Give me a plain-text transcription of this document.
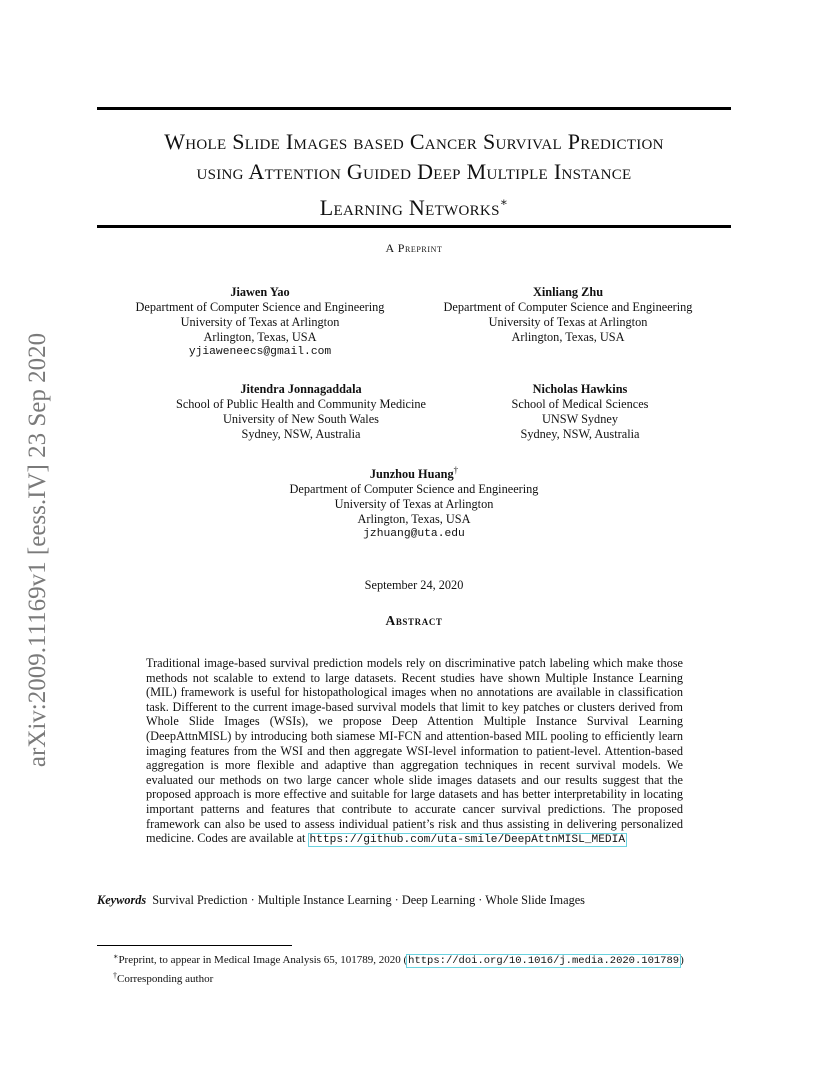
arXiv:2009.11169v1 [eess.IV] 23 Sep 2020
Whole Slide Images based Cancer Survival Prediction
using Attention Guided Deep Multiple Instance
Learning Networks∗
A Preprint
Jiawen Yao
Department of Computer Science and Engineering
University of Texas at Arlington
Arlington, Texas, USA
yjiaweneecs@gmail.com
Xinliang Zhu
Department of Computer Science and Engineering
University of Texas at Arlington
Arlington, Texas, USA
Jitendra Jonnagaddala
School of Public Health and Community Medicine
University of New South Wales
Sydney, NSW, Australia
Nicholas Hawkins
School of Medical Sciences
UNSW Sydney
Sydney, NSW, Australia
Junzhou Huang†
Department of Computer Science and Engineering
University of Texas at Arlington
Arlington, Texas, USA
jzhuang@uta.edu
September 24, 2020
Abstract
Traditional image-based survival prediction models rely on discriminative patch labeling which make those methods not scalable to extend to large datasets. Recent studies have shown Multiple Instance Learning (MIL) framework is useful for histopathological images when no annotations are available in classification task. Different to the current image-based survival models that limit to key patches or clusters derived from Whole Slide Images (WSIs), we propose Deep Attention Multiple Instance Survival Learning (DeepAttnMISL) by introducing both siamese MI-FCN and attention-based MIL pooling to efficiently learn imaging features from the WSI and then aggregate WSI-level information to patient-level. Attention-based aggregation is more flexible and adaptive than aggregation techniques in recent survival models. We evaluated our methods on two large cancer whole slide images datasets and our results suggest that the proposed approach is more effective and suitable for large datasets and has better interpretability in locating important patterns and features that contribute to accurate cancer survival predictions. The proposed framework can also be used to assess individual patient’s risk and thus assisting in delivering personalized medicine. Codes are available at https://github.com/uta-smile/DeepAttnMISL_MEDIA
Keywords Survival Prediction · Multiple Instance Learning · Deep Learning · Whole Slide Images
∗Preprint, to appear in Medical Image Analysis 65, 101789, 2020 (https://doi.org/10.1016/j.media.2020.101789)
†Corresponding author
